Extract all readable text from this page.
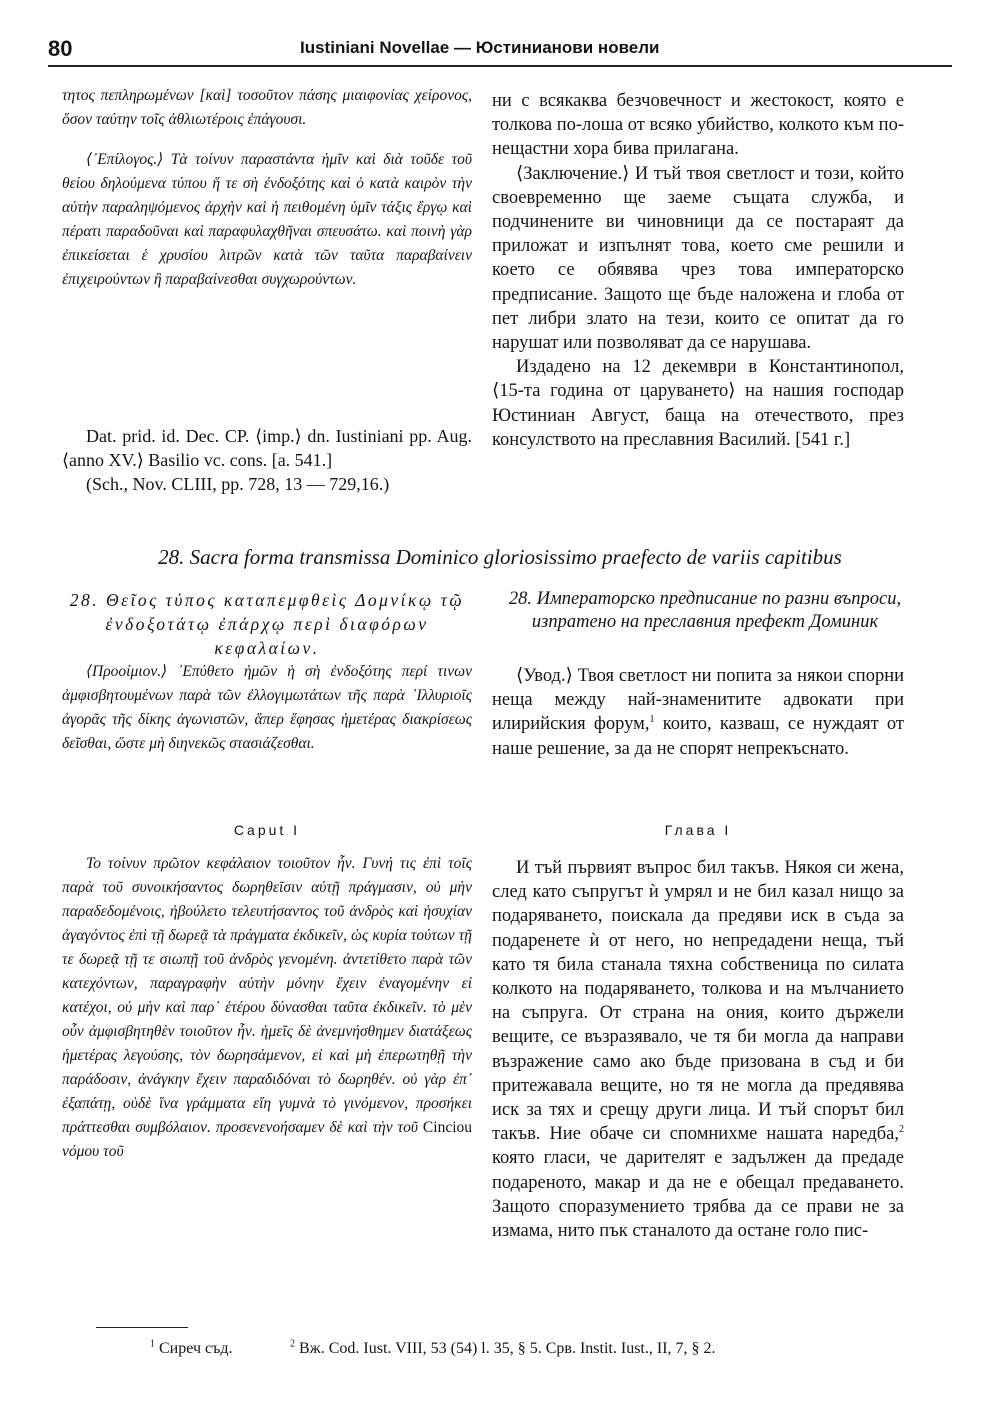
80	Iustiniani Novellae — Юстинианови новели

τητος πεπληρωμένων [καὶ] τοσοῦτον πάσης μιαιφονίας χείρονος, ὅσον ταύτην τοῖς ἀθλιωτέροις ἐπάγουσι.

⟨᾽Επίλογος.⟩ Τὰ τοίνυν παραστάντα ἡμῖν καὶ διὰ τοῦδε τοῦ θείου δηλούμενα τύπου ἥ τε σὴ ἐνδοξότης καὶ ὁ κατὰ καιρὸν τὴν αὐτὴν παραληψόμενος ἀρχὴν καὶ ἡ πειθομένη ὑμῖν τάξις ἔργῳ καὶ πέρατι παραδοῦναι καὶ παραφυλαχθῆναι σπευσάτω. καὶ ποινὴ γὰρ ἐπικείσεται ἑ χρυσίου λιτρῶν κατὰ τῶν ταῦτα παραβαίνειν ἐπιχειρούντων ἢ παραβαίνεσθαι συγχωρούντων.

Dat. prid. id. Dec. CP. ⟨imp.⟩ dn. Iustiniani pp. Aug. ⟨anno XV.⟩ Basilio vc. cons. [a. 541.]

(Sch., Nov. CLIII, pp. 728, 13 — 729,16.)

ни с всякаква безчовечност и жестокост, която е толкова по-лоша от всяко убийство, колкото към по-нещастни хора бива прилагана.

⟨Заключение.⟩ И тъй твоя светлост и този, който своевременно ще заеме същата служба, и подчинените ви чиновници да се постараят да приложат и изпълнят това, което сме решили и което се обявява чрез това императорско предписание. Защото ще бъде наложена и глоба от пет либри злато на тези, които се опитат да го нарушат или позволяват да се нарушава.

Издадено на 12 декември в Константинопол, ⟨15-та година от царуването⟩ на нашия господар Юстиниан Август, баща на отечеството, през консулството на преславния Василий. [541 г.]

28. Sacra forma transmissa Dominico gloriosissimo praefecto de variis capitibus
28. Θεῖος τύπος καταπεμφθεὶς Δομνίκῳ τῷ ἐνδοξοτάτῳ ἐπάρχῳ περὶ διαφόρων κεφαλαίων.
28. Императорско предписание по разни въпроси, изпратено на преславния префект Доминик

⟨Προοίμιον.⟩ ᾽Επύθετο ἡμῶν ἡ σὴ ἐνδοξότης περί τινων ἀμφισβητουμένων παρὰ τῶν ἐλλογιμωτάτων τῆς παρὰ ᾽Ιλλυριοῖς ἀγορᾶς τῆς δίκης ἀγωνιστῶν, ἅπερ ἔφησας ἡμετέρας διακρίσεως δεῖσθαι, ὥστε μὴ διηνεκῶς στασιάζεσθαι.

⟨Увод.⟩ Твоя светлост ни попита за някои спорни неща между най-знаменитите адвокати при илирийския форум,$^1$ които, казваш, се нуждаят от наше решение, за да не спорят непрекъснато.

Caput I	Глава I

Το τοίνυν πρῶτον κεφάλαιον τοιοῦτον ἦν. Γυνή τις ἐπὶ τοῖς παρὰ τοῦ συνοικήσαντος δωρηθεῖσιν αὐτῇ πράγμασιν, οὐ μὴν παραδεδομένοις, ἠβούλετο τελευτήσαντος τοῦ ἀνδρὸς καὶ ἡσυχίαν ἀγαγόντος ἐπὶ τῇ δωρεᾷ τὰ πράγματα ἐκδικεῖν, ὡς κυρία τούτων τῇ τε δωρεᾷ τῇ τε σιωπῇ τοῦ ἀνδρὸς γενομένη. ἀντετίθετο παρὰ τῶν κατεχόντων, παραγραφὴν αὐτὴν μόνην ἔχειν ἐναγομένην εἰ κατέχοι, οὐ μὴν καὶ παρ᾽ ἑτέρου δύνασθαι ταῦτα ἐκδικεῖν. τὸ μὲν οὖν ἀμφισβητηθὲν τοιοῦτον ἦν. ἡμεῖς δὲ ἀνεμνήσθημεν διατάξεως ἡμετέρας λεγούσης, τὸν δωρησάμενον, εἰ καὶ μὴ ἐπερωτηθῇ τὴν παράδοσιν, ἀνάγκην ἔχειν παραδιδόναι τὸ δωρηθέν. οὐ γὰρ ἐπ᾽ ἐξαπάτῃ, οὐδὲ ἵνα γράμματα εἴη γυμνὰ τὸ γινόμενον, προσήκει πράττεσθαι συμβόλαιον. προσενενοήσαμεν δὲ καὶ τὴν τοῦ Cinciou νόμου τοῦ

И тъй първият въпрос бил такъв. Някоя си жена, след като съпругът ѝ умрял и не бил казал нищо за подаряването, поискала да предяви иск в съда за подаренeте ѝ от него, но непредадени неща, тъй като тя била станала тяхна собственица по силата колкото на подаряването, толкова и на мълчанието на съпруга. От страна на ония, които държели вещите, се възразявало, че тя би могла да направи възражение само ако бъде призована в съд и би притежавала вещите, но тя не могла да предявява иск за тях и срещу други лица. И тъй спорът бил такъв. Ние обаче си спомнихме нашата наредба,$^2$ която гласи, че дарителят е задължен да предаде подареното, макар и да не е обещал предаването. Защото споразумението трябва да се прави не за измама, нито пък станалото да остане голо пис-

$^1$ Сиреч съд.	$^2$ Вж. Cod. Iust. VIII, 53 (54) l. 35, § 5. Срв. Instit. Iust., II, 7, § 2.
